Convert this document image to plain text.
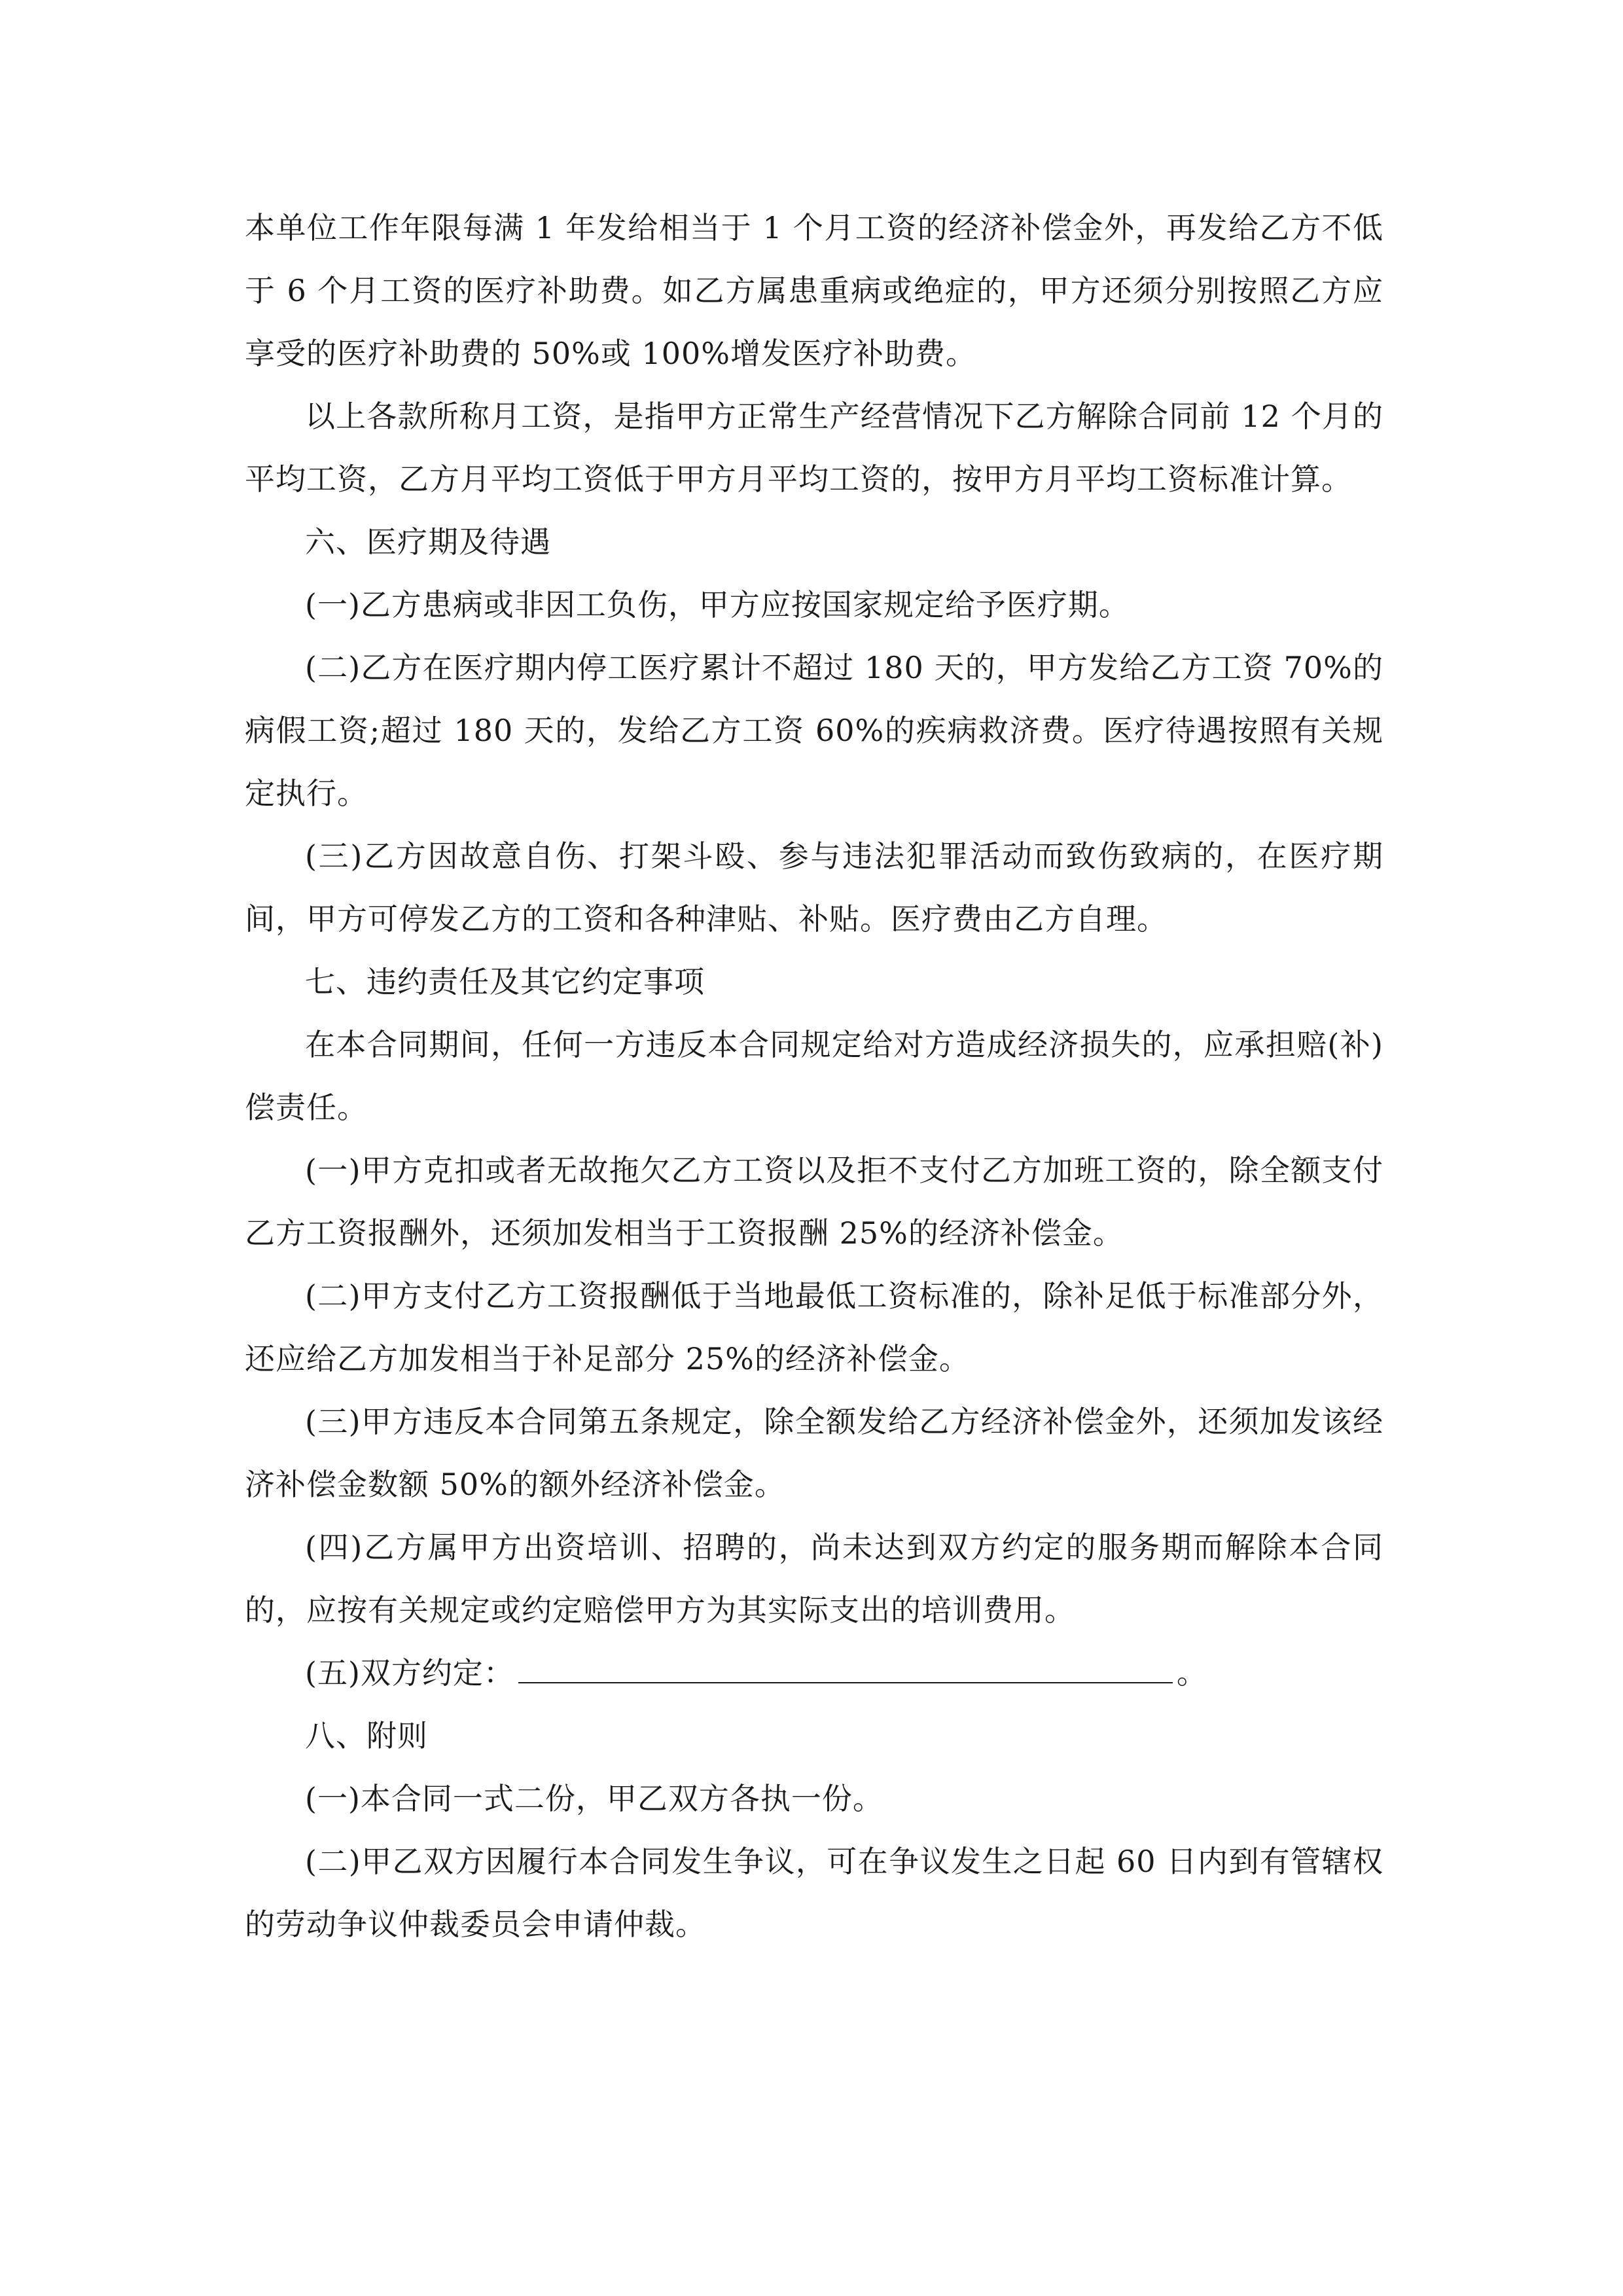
本单位工作年限每满 1 年发给相当于 1 个月工资的经济补偿金外，再发给乙方不低于 6 个月工资的医疗补助费。如乙方属患重病或绝症的，甲方还须分别按照乙方应享受的医疗补助费的 50%或 100%增发医疗补助费。

以上各款所称月工资，是指甲方正常生产经营情况下乙方解除合同前 12 个月的平均工资，乙方月平均工资低于甲方月平均工资的，按甲方月平均工资标准计算。

六、医疗期及待遇

(一)乙方患病或非因工负伤，甲方应按国家规定给予医疗期。

(二)乙方在医疗期内停工医疗累计不超过 180 天的，甲方发给乙方工资 70%的病假工资;超过 180 天的，发给乙方工资 60%的疾病救济费。医疗待遇按照有关规定执行。

(三)乙方因故意自伤、打架斗殴、参与违法犯罪活动而致伤致病的，在医疗期间，甲方可停发乙方的工资和各种津贴、补贴。医疗费由乙方自理。

七、违约责任及其它约定事项

在本合同期间，任何一方违反本合同规定给对方造成经济损失的，应承担赔(补)偿责任。

(一)甲方克扣或者无故拖欠乙方工资以及拒不支付乙方加班工资的，除全额支付乙方工资报酬外，还须加发相当于工资报酬 25%的经济补偿金。

(二)甲方支付乙方工资报酬低于当地最低工资标准的，除补足低于标准部分外，还应给乙方加发相当于补足部分 25%的经济补偿金。

(三)甲方违反本合同第五条规定，除全额发给乙方经济补偿金外，还须加发该经济补偿金数额 50%的额外经济补偿金。

(四)乙方属甲方出资培训、招聘的，尚未达到双方约定的服务期而解除本合同的，应按有关规定或约定赔偿甲方为其实际支出的培训费用。

(五)双方约定：	。

八、附则

(一)本合同一式二份，甲乙双方各执一份。

(二)甲乙双方因履行本合同发生争议，可在争议发生之日起 60 日内到有管辖权的劳动争议仲裁委员会申请仲裁。
